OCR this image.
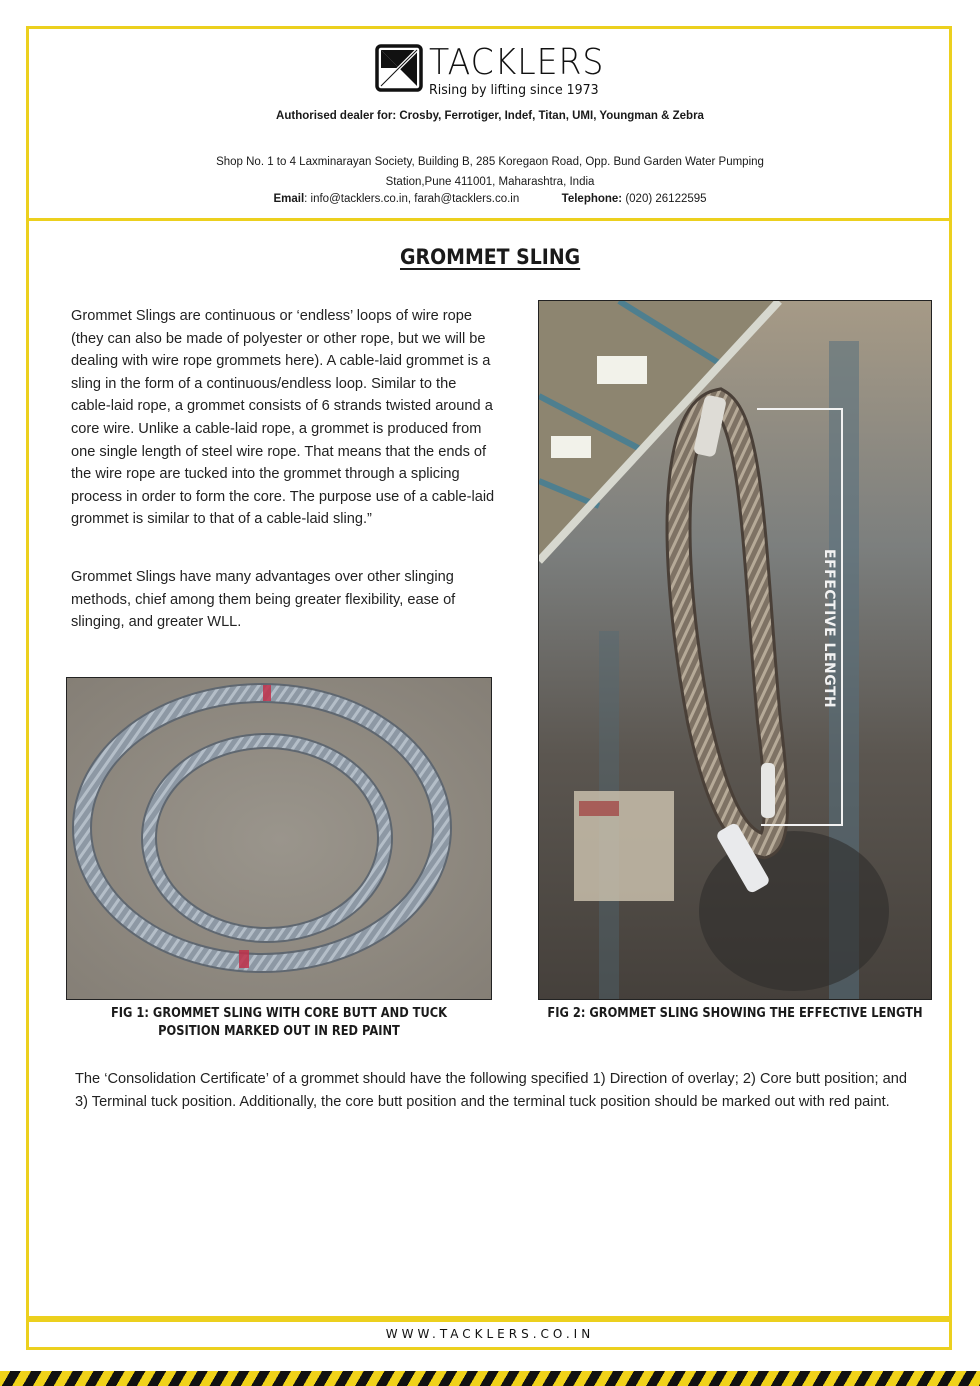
TACKLERS
Rising by lifting since 1973
Authorised dealer for: Crosby, Ferrotiger, Indef, Titan, UMI, Youngman & Zebra
Shop No. 1 to 4 Laxminarayan Society, Building B, 285 Koregaon Road, Opp. Bund Garden Water Pumping
Station,Pune 411001, Maharashtra, India
Email: info@tacklers.co.in, farah@tacklers.co.in	Telephone: (020) 26122595
GROMMET SLING
Grommet Slings are continuous or ‘endless’ loops of wire rope (they can also be made of polyester or other rope, but we will be dealing with wire rope grommets here). A cable-laid grommet is a sling in the form of a continuous/endless loop. Similar to the cable-laid rope, a grommet consists of 6 strands twisted around a core wire. Unlike a cable-laid rope, a grommet is produced from one single length of steel wire rope. That means that the ends of the wire rope are tucked into the grommet through a splicing process in order to form the core. The purpose use of a cable-laid grommet is similar to that of a cable-laid sling.”
Grommet Slings have many advantages over other slinging methods, chief among them being greater flexibility, ease of slinging, and greater WLL.	EFFECTIVE LENGTH
FIG 1: GROMMET SLING WITH CORE BUTT AND TUCK POSITION MARKED OUT IN RED PAINT
FIG 2: GROMMET SLING SHOWING THE EFFECTIVE LENGTH
The ‘Consolidation Certificate’ of a grommet should have the following specified 1) Direction of overlay; 2) Core butt position; and 3) Terminal tuck position. Additionally, the core butt position and the terminal tuck position should be marked out with red paint.
WWW.TACKLERS.CO.IN
